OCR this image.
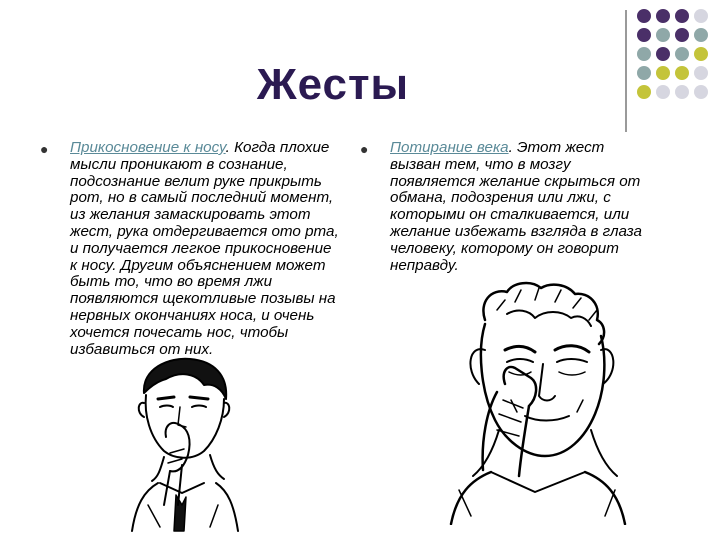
Жесты
● Прикосновение к носу. Когда плохие мысли проникают в сознание, подсознание велит руке прикрыть рот, но в самый последний момент, из желания замаскировать этот жест, рука отдергивается ото рта, и получается легкое прикосновение к носу. Другим объяснением может быть то, что во время лжи появляются щекотливые позывы на нервных окончаниях носа, и очень хочется почесать нос, чтобы избавиться от них.
● Потирание века. Этот жест вызван тем, что в мозгу появляется желание скрыться от обмана, подозрения или лжи, с которыми он сталкивается, или желание избежать взгляда в глаза человеку, которому он говорит неправду.
